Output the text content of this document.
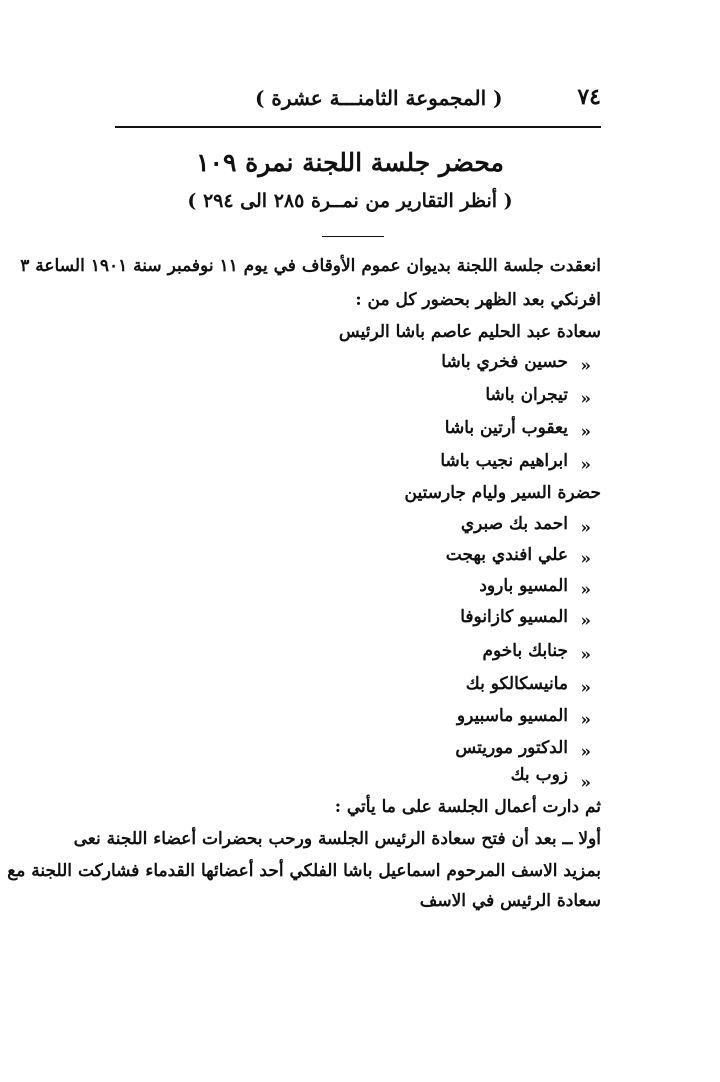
٧٤
( المجموعة الثامنـــة عشرة )
محضر جلسة اللجنة نمرة ١٠٩
( أنظر التقارير من نمــرة ٢٨٥ الى ٢٩٤ )
انعقدت جلسة اللجنة بديوان عموم الأوقاف في يوم ١١ نوفمبر سنة ١٩٠١ الساعة ٣
افرنكي بعد الظهر بحضور كل من :
سعادة عبد الحليم عاصم باشا الرئيس
«
حسين فخري باشا
«
تيجران باشا
«
يعقوب أرتين باشا
«
ابراهيم نجيب باشا
حضرة السير وليام جارستين
«
احمد بك صبري
«
علي افندي بهجت
«
المسيو بارود
«
المسيو كازانوفا
«
جنابك باخوم
«
مانيسكالكو بك
«
المسيو ماسبيرو
«
الدكتور موريتس
«
زوب بك
ثم دارت أعمال الجلسة على ما يأتي :
أولا ــ بعد أن فتح سعادة الرئيس الجلسة ورحب بحضرات أعضاء اللجنة نعى
بمزيد الاسف المرحوم اسماعيل باشا الفلكي أحد أعضائها القدماء فشاركت اللجنة مع
سعادة الرئيس في الاسف
